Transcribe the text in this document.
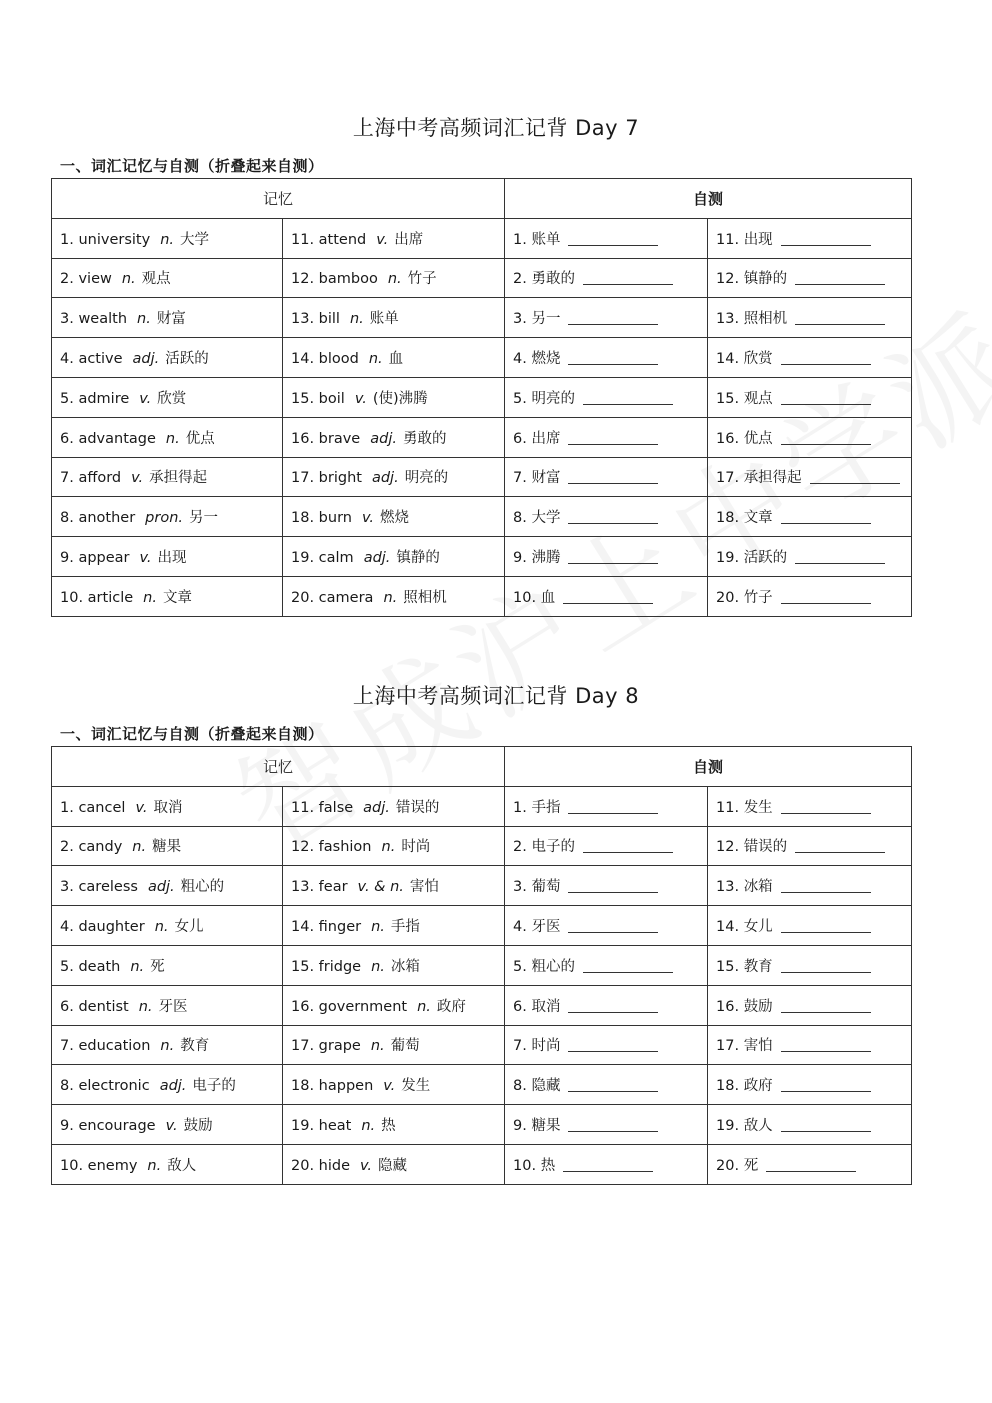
上海中考高频词汇记背 Day 7
一、词汇记忆与自测（折叠起来自测）
记忆		自测	
1. university n. 大学	11. attend v. 出席	1. 账单	11. 出现
2. view n. 观点	12. bamboo n. 竹子	2. 勇敢的	12. 镇静的
3. wealth n. 财富	13. bill n. 账单	3. 另一	13. 照相机
4. active adj. 活跃的	14. blood n. 血	4. 燃烧	14. 欣赏
5. admire v. 欣赏	15. boil v. (使)沸腾	5. 明亮的	15. 观点
6. advantage n. 优点	16. brave adj. 勇敢的	6. 出席	16. 优点
7. afford v. 承担得起	17. bright adj. 明亮的	7. 财富	17. 承担得起
8. another pron. 另一	18. burn v. 燃烧	8. 大学	18. 文章
9. appear v. 出现	19. calm adj. 镇静的	9. 沸腾	19. 活跃的
10. article n. 文章	20. camera n. 照相机	10. 血	20. 竹子
上海中考高频词汇记背 Day 8
一、词汇记忆与自测（折叠起来自测）
记忆		自测	
1. cancel v. 取消	11. false adj. 错误的	1. 手指	11. 发生
2. candy n. 糖果	12. fashion n. 时尚	2. 电子的	12. 错误的
3. careless adj. 粗心的	13. fear v. & n. 害怕	3. 葡萄	13. 冰箱
4. daughter n. 女儿	14. finger n. 手指	4. 牙医	14. 女儿
5. death n. 死	15. fridge n. 冰箱	5. 粗心的	15. 教育
6. dentist n. 牙医	16. government n. 政府	6. 取消	16. 鼓励
7. education n. 教育	17. grape n. 葡萄	7. 时尚	17. 害怕
8. electronic adj. 电子的	18. happen v. 发生	8. 隐藏	18. 政府
9. encourage v. 鼓励	19. heat n. 热	9. 糖果	19. 敌人
10. enemy n. 敌人	20. hide v. 隐藏	10. 热	20. 死
